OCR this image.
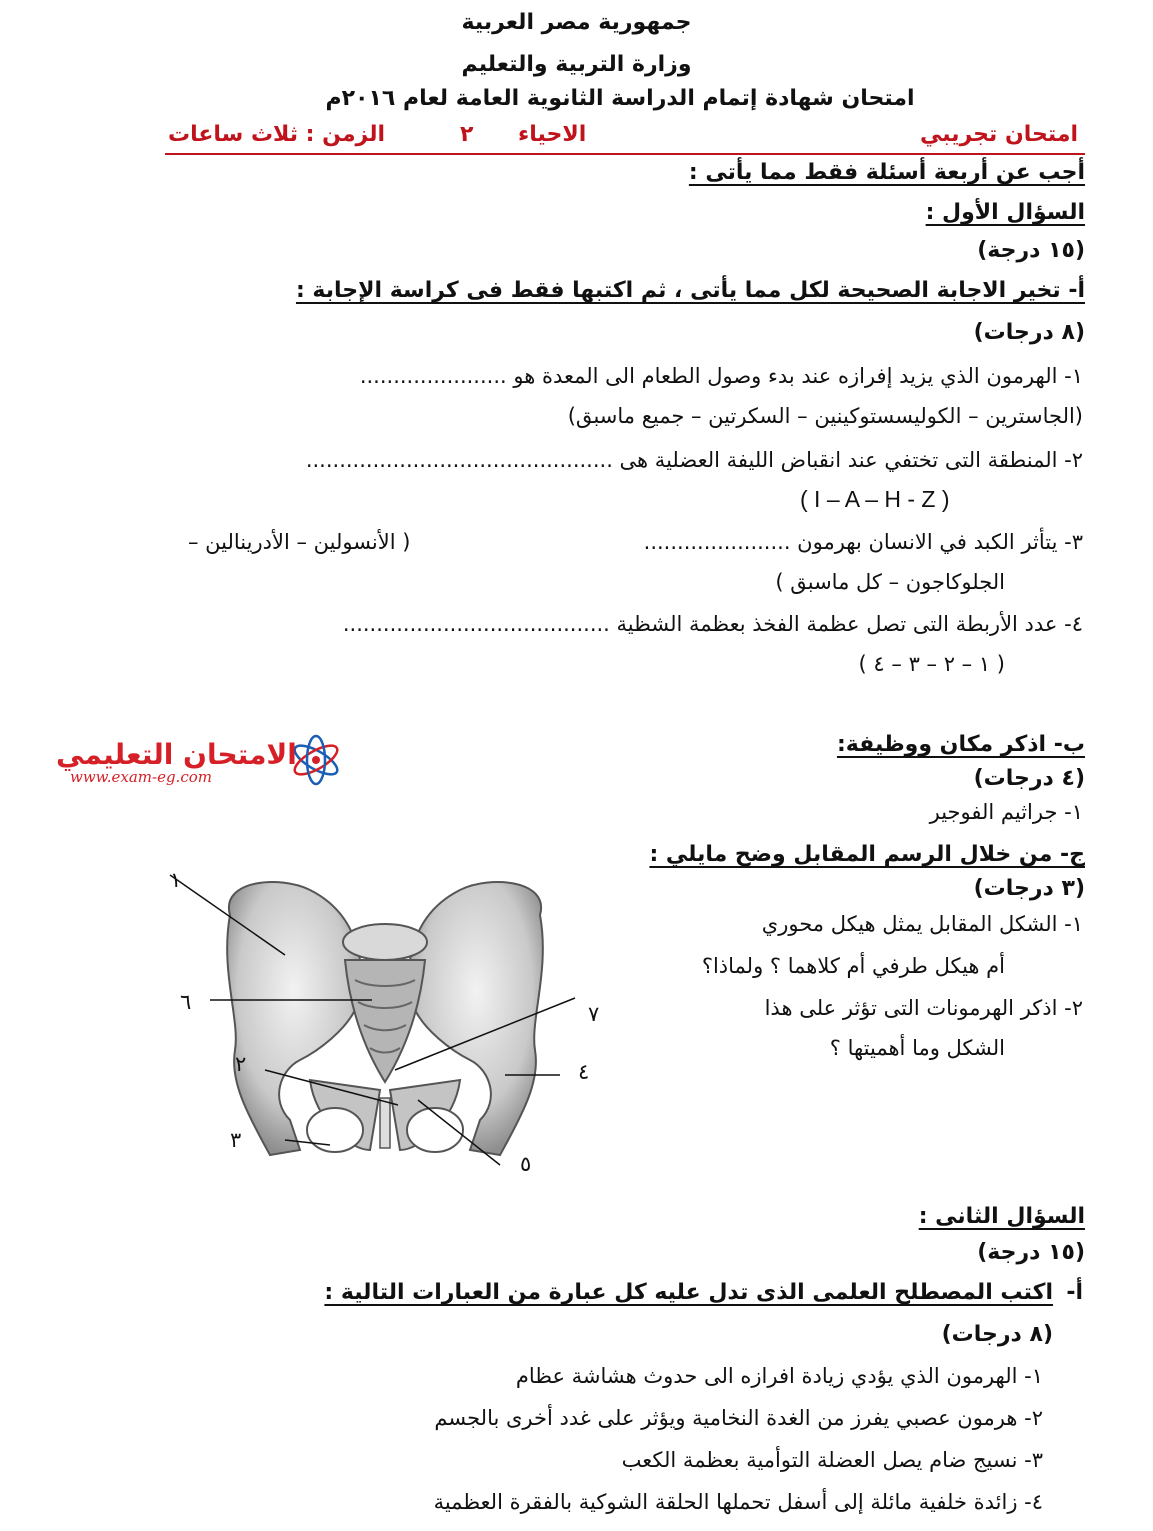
جمهورية مصر العربية
وزارة التربية والتعليم
امتحان شهادة إتمام الدراسة الثانوية العامة لعام ٢٠١٦م
امتحان تجريبي
الاحياء
٢
الزمن : ثلاث ساعات
أجب عن أربعة أسئلة فقط مما يأتى :
السؤال الأول :
(١٥ درجة)
أ- تخير الاجابة الصحيحة لكل مما يأتى ، ثم اكتبها فقط فى كراسة الإجابة :
(٨ درجات)
١- الهرمون الذي يزيد إفرازه عند بدء وصول الطعام الى المعدة هو ......................
(الجاسترين – الكوليسستوكينين – السكرتين – جميع ماسبق)
٢- المنطقة التى تختفي عند انقباض الليفة العضلية هى ..............................................
( I – A – H - Z )
٣- يتأثر الكبد في الانسان بهرمون ......................
( الأنسولين – الأدرينالين –
الجلوكاجون – كل ماسبق )
٤- عدد الأربطة التى تصل عظمة الفخذ بعظمة الشظية ........................................
( ١ – ٢ – ٣ – ٤ )
الامتحان التعليمي
www.exam-eg.com
ب- اذكر مكان ووظيفة:
(٤ درجات)
١- جراثيم الفوجير
ج- من خلال الرسم المقابل وضح مايلي :
(٣ درجات)
١- الشكل المقابل يمثل هيكل محوري
أم هيكل طرفي أم كلاهما ؟ ولماذا؟
٢- اذكر الهرمونات التى تؤثر على هذا
الشكل وما أهميتها ؟
١
٦
٢
٣
٧
٤
٥
السؤال الثانى :
(١٥ درجة)
أ-
اكتب المصطلح العلمى الذى تدل عليه كل عبارة من العبارات التالية :
(٨ درجات)
١- الهرمون الذي يؤدي زيادة افرازه الى حدوث هشاشة عظام
٢- هرمون عصبي يفرز من الغدة النخامية ويؤثر على غدد أخرى بالجسم
٣- نسيج ضام يصل العضلة التوأمية بعظمة الكعب
٤- زائدة خلفية مائلة إلى أسفل تحملها الحلقة الشوكية بالفقرة العظمية
